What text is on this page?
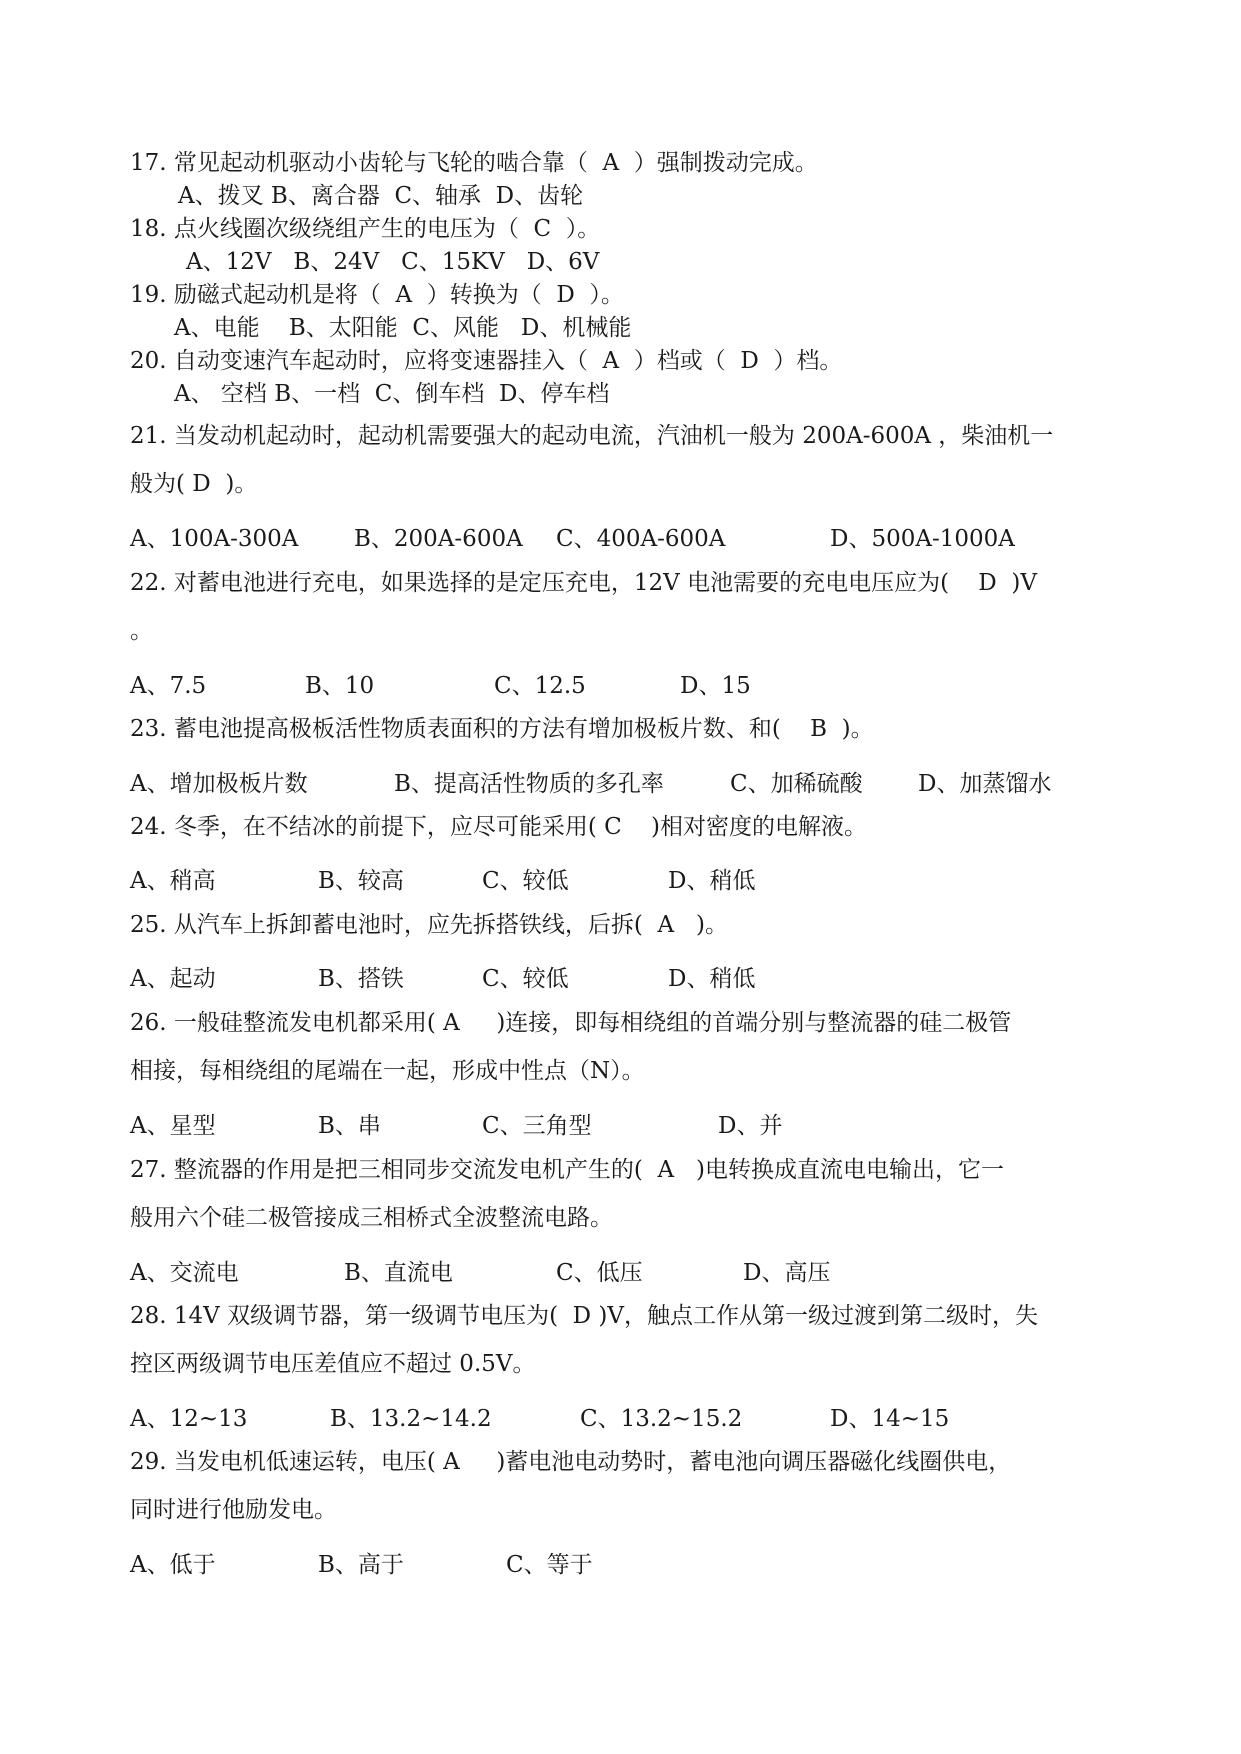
17. 常见起动机驱动小齿轮与飞轮的啮合靠（  A  ）强制拨动完成。
A、拨叉 B、离合器  C、轴承  D、齿轮
18. 点火线圈次级绕组产生的电压为（  C  ）。
A、12V   B、24V   C、15KV   D、6V
19. 励磁式起动机是将（  A  ）转换为（  D  ）。
A、电能    B、太阳能  C、风能   D、机械能
20. 自动变速汽车起动时，应将变速器挂入（  A  ）档或（  D  ）档。
A、 空档 B、一档  C、倒车档  D、停车档
21. 当发动机起动时，起动机需要强大的起动电流，汽油机一般为 200A-600A ，柴油机一
般为( D  )。
A、100A-300A B、200A-600A C、400A-600A	D、500A-1000A
22. 对蓄电池进行充电，如果选择的是定压充电，12V 电池需要的充电电压应为(    D  )V
。
A、7.5	B、10	C、12.5	D、15
23. 蓄电池提高极板活性物质表面积的方法有增加极板片数、和(    B  )。
A、增加极板片数	B、提高活性物质的多孔率	C、加稀硫酸 D、加蒸馏水
24. 冬季，在不结冰的前提下，应尽可能采用( C    )相对密度的电解液。
A、稍高	B、较高	C、较低	D、稍低
25. 从汽车上拆卸蓄电池时，应先拆搭铁线，后拆(  A   )。
A、起动	B、搭铁	C、较低	D、稍低
26. 一般硅整流发电机都采用( A     )连接，即每相绕组的首端分别与整流器的硅二极管
相接，每相绕组的尾端在一起，形成中性点（N）。
A、星型	B、串	C、三角型	D、并
27. 整流器的作用是把三相同步交流发电机产生的(  A   )电转换成直流电电输出，它一
般用六个硅二极管接成三相桥式全波整流电路。
A、交流电	B、直流电	C、低压	D、高压
28. 14V 双级调节器，第一级调节电压为(  D )V，触点工作从第一级过渡到第二级时，失
控区两级调节电压差值应不超过 0.5V。
A、12~13	B、13.2~14.2	C、13.2~15.2	D、14~15
29. 当发电机低速运转，电压( A     )蓄电池电动势时，蓄电池向调压器磁化线圈供电，
同时进行他励发电。
A、低于	B、高于	C、等于
